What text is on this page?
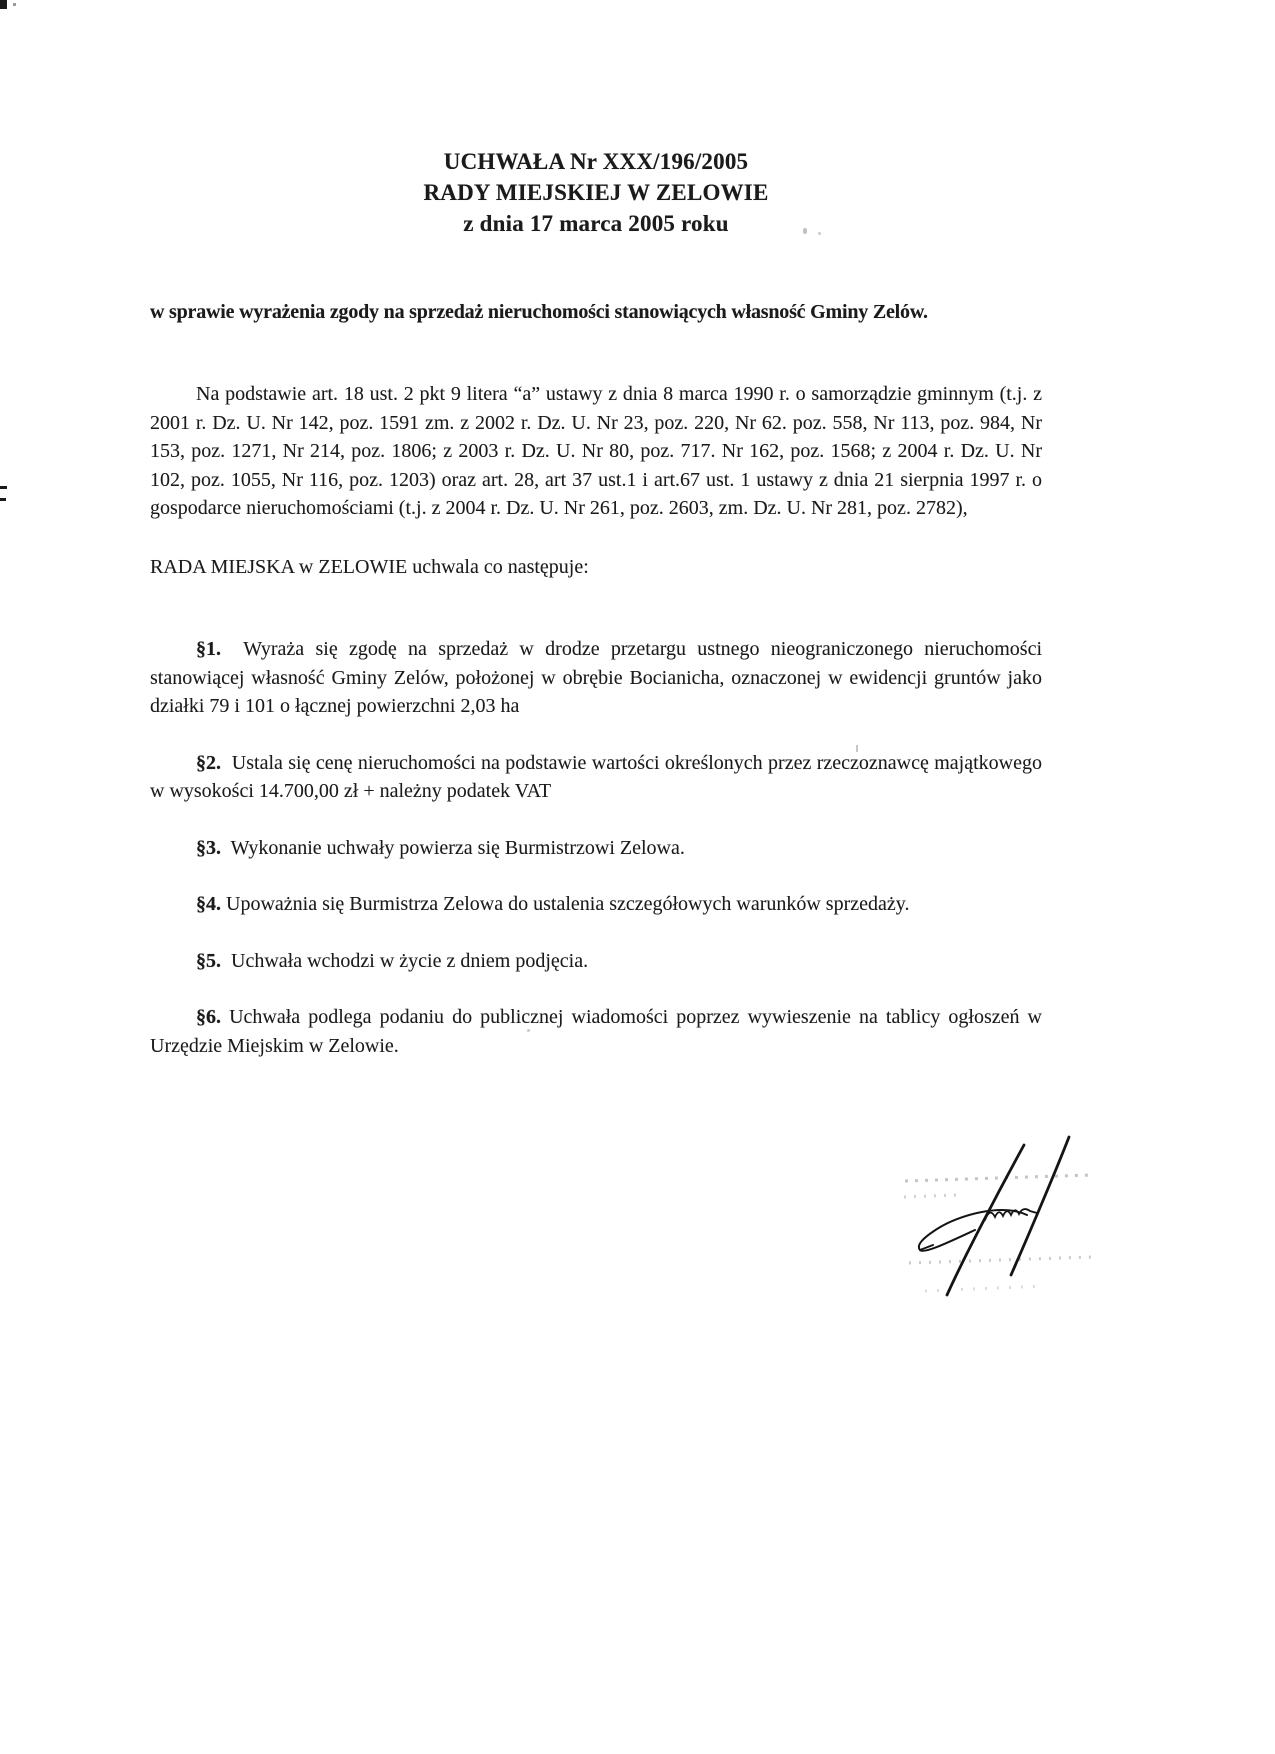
UCHWAŁA Nr XXX/196/2005
RADY MIEJSKIEJ W ZELOWIE
z dnia 17 marca 2005 roku
w sprawie wyrażenia zgody na sprzedaż nieruchomości stanowiących własność Gminy Zelów.

Na podstawie art. 18 ust. 2 pkt 9 litera “a” ustawy z dnia 8 marca 1990 r. o samorządzie gminnym (t.j. z 2001 r. Dz. U. Nr 142, poz. 1591 zm. z 2002 r. Dz. U. Nr 23, poz. 220, Nr 62. poz. 558, Nr 113, poz. 984, Nr 153, poz. 1271, Nr 214, poz. 1806; z 2003 r. Dz. U. Nr 80, poz. 717. Nr 162, poz. 1568; z 2004 r. Dz. U. Nr 102, poz. 1055, Nr 116, poz. 1203) oraz art. 28, art 37 ust.1 i art.67 ust. 1 ustawy z dnia 21 sierpnia 1997 r. o gospodarce nieruchomościami (t.j. z 2004 r. Dz. U. Nr 261, poz. 2603, zm. Dz. U. Nr 281, poz. 2782),

RADA MIEJSKA w ZELOWIE uchwala co następuje:

§1. Wyraża się zgodę na sprzedaż w drodze przetargu ustnego nieograniczonego nieruchomości stanowiącej własność Gminy Zelów, położonej w obrębie Bocianicha, oznaczonej w ewidencji gruntów jako działki 79 i 101 o łącznej powierzchni 2,03 ha

§2. Ustala się cenę nieruchomości na podstawie wartości określonych przez rzeczoznawcę majątkowego w wysokości 14.700,00 zł + należny podatek VAT

§3. Wykonanie uchwały powierza się Burmistrzowi Zelowa.

§4. Upoważnia się Burmistrza Zelowa do ustalenia szczegółowych warunków sprzedaży.

§5. Uchwała wchodzi w życie z dniem podjęcia.

§6. Uchwała podlega podaniu do publicznej wiadomości poprzez wywieszenie na tablicy ogłoszeń w Urzędzie Miejskim w Zelowie.
